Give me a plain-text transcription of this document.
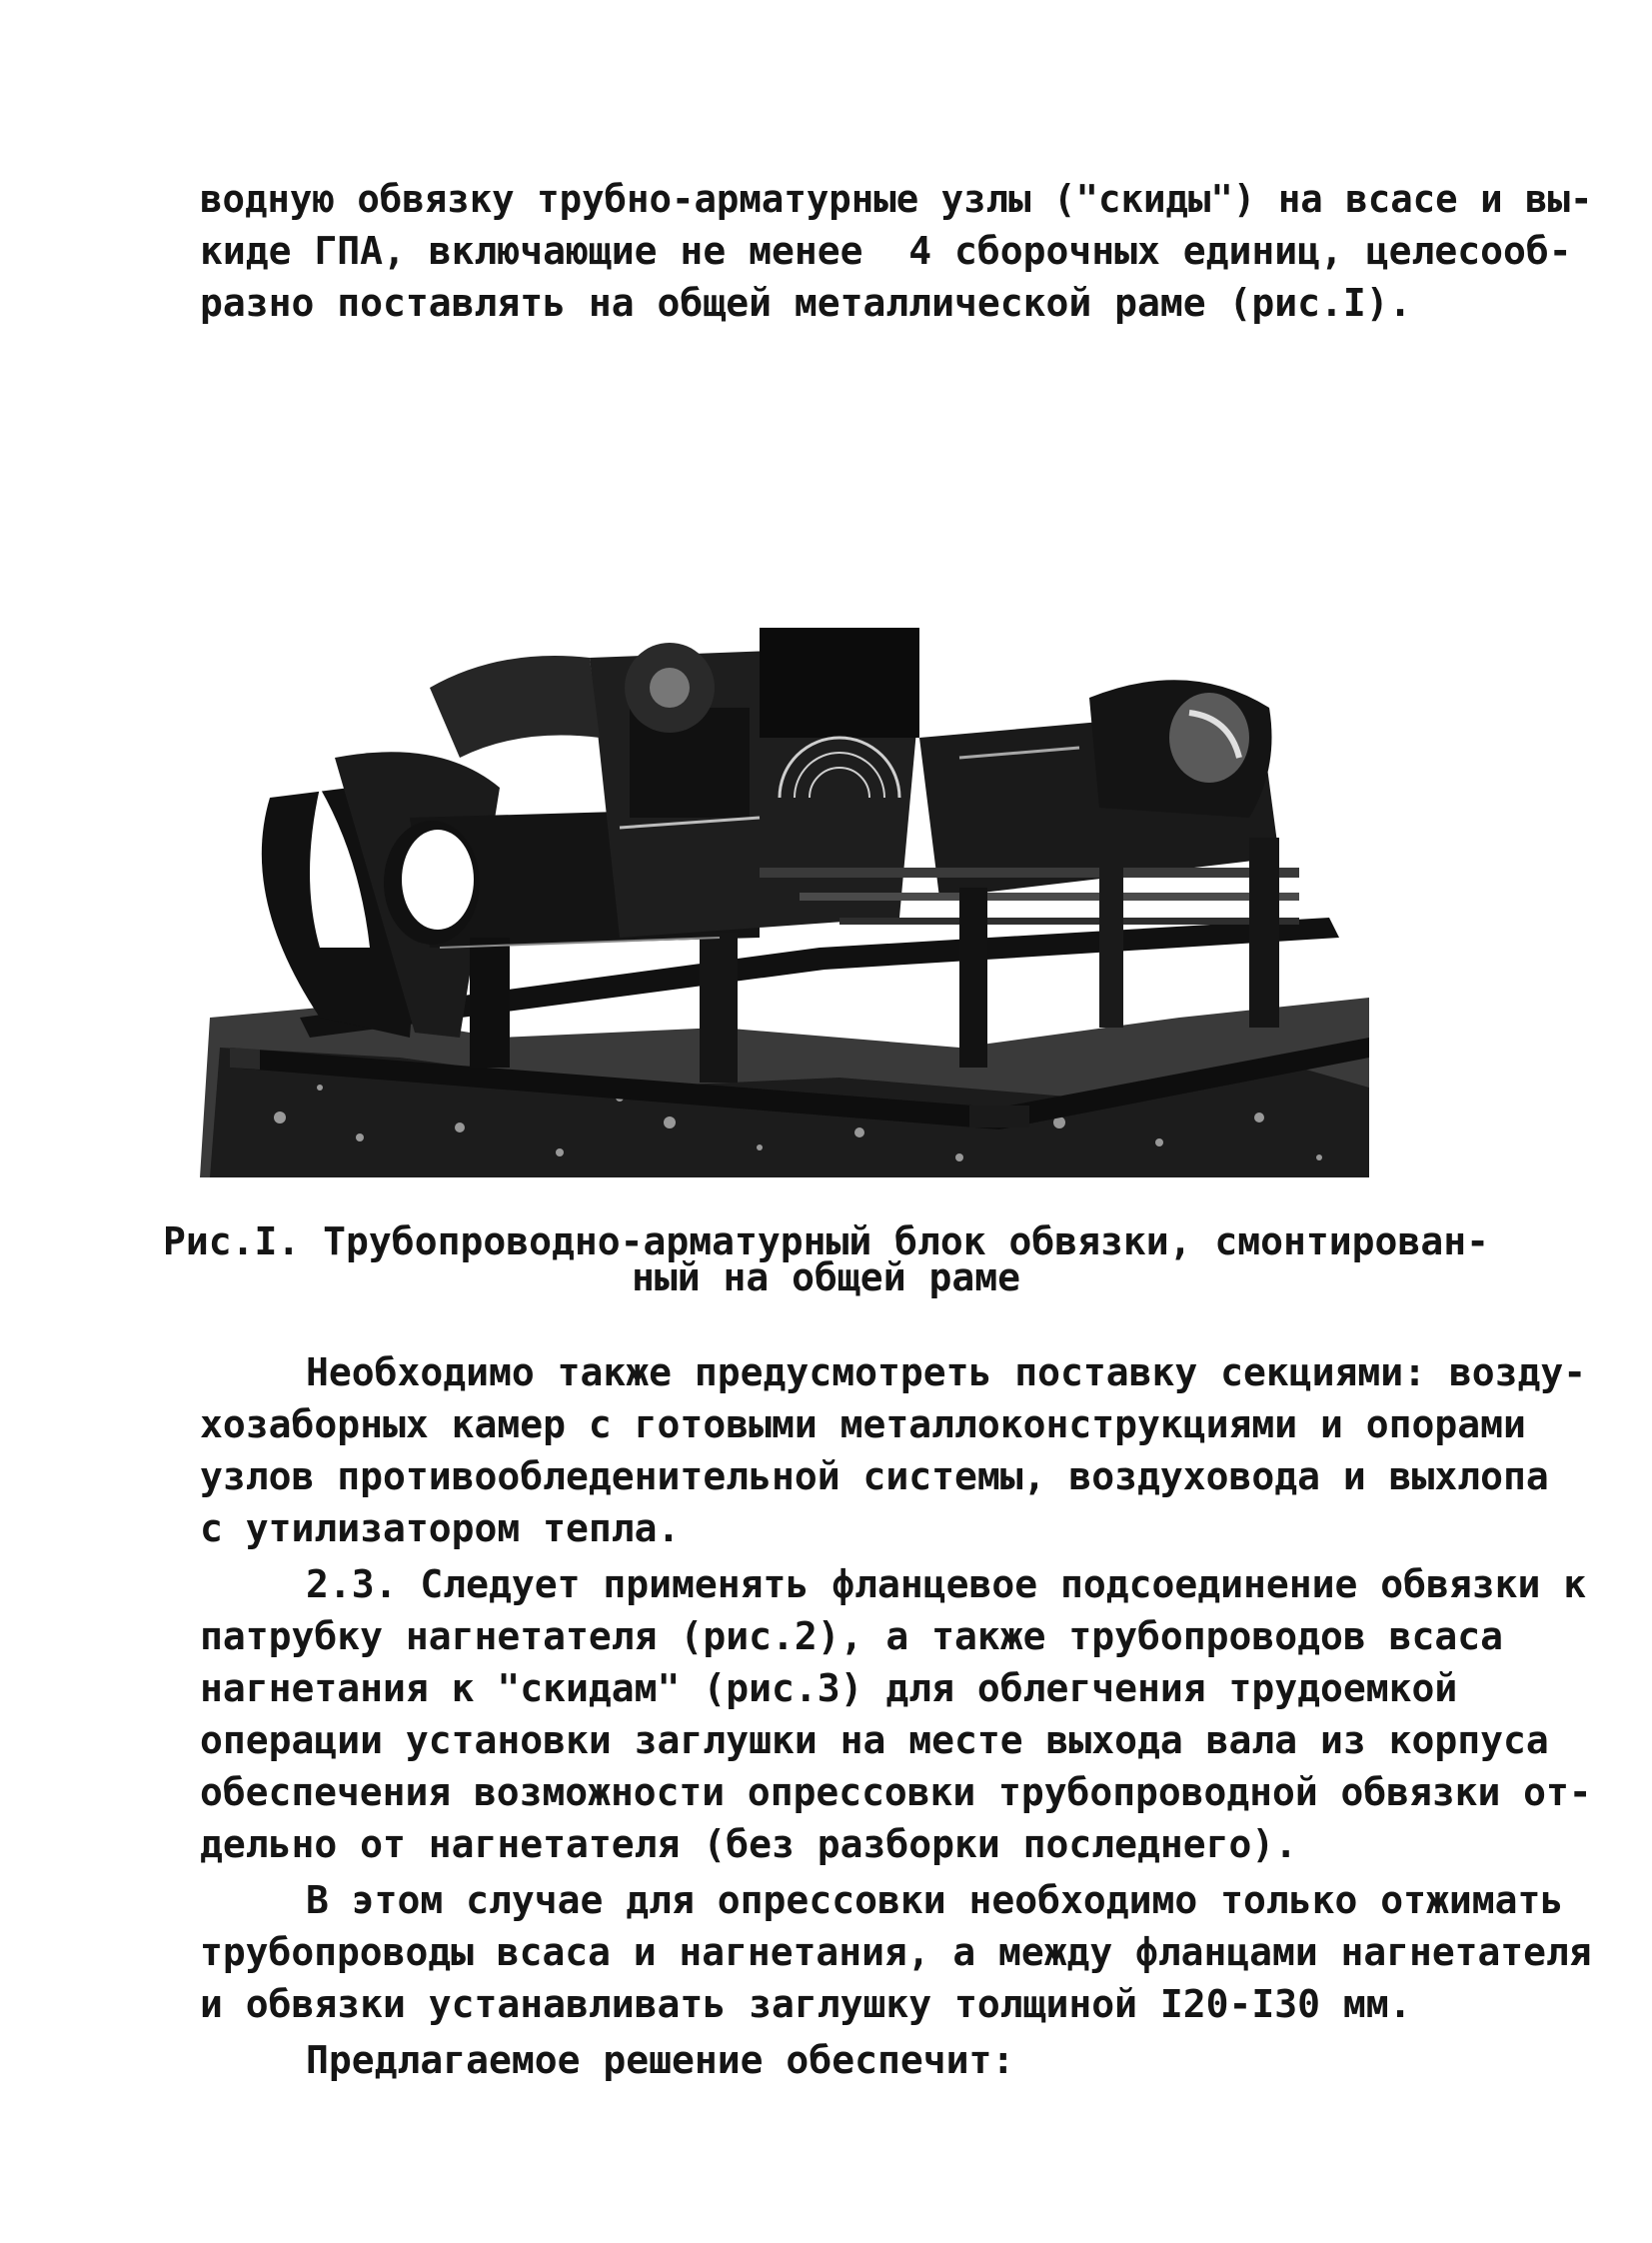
водную обвязку трубно-арматурные узлы ("скиды") на всасе и вы-
киде ГПА, включающие не менее  4 сборочных единиц, целесооб-
разно поставлять на общей металлической раме (рис.I).
Рис.I. Трубопроводно-арматурный блок обвязки, смонтирован-
ный на общей раме
Необходимо также предусмотреть поставку секциями: возду-
хозаборных камер с готовыми металлоконструкциями и опорами
узлов противообледенительной системы, воздуховода и выхлопа
с утилизатором тепла.
2.3. Следует применять фланцевое подсоединение обвязки к
патрубку нагнетателя (рис.2), а также трубопроводов всаса
нагнетания к "скидам" (рис.3) для облегчения трудоемкой
операции установки заглушки на месте выхода вала из корпуса
обеспечения возможности опрессовки трубопроводной обвязки от-
дельно от нагнетателя (без разборки последнего).
В этом случае для опрессовки необходимо только отжимать
трубопроводы всаса и нагнетания, а между фланцами нагнетателя
и обвязки устанавливать заглушку толщиной I20-I30 мм.
Предлагаемое решение обеспечит:
